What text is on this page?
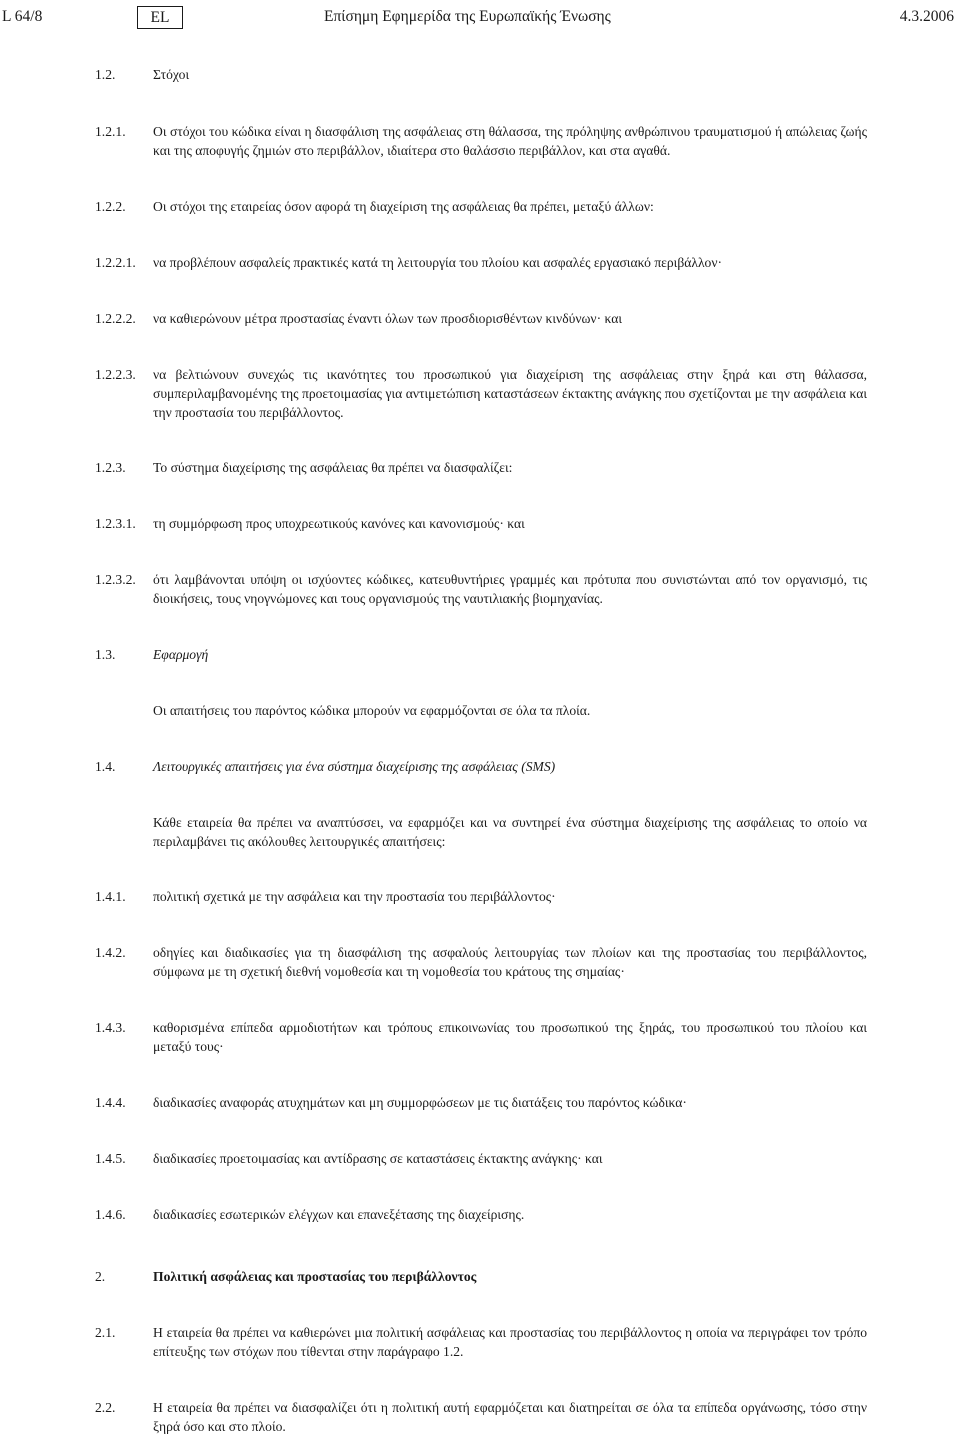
L 64/8	EL	Επίσημη Εφημερίδα της Ευρωπαϊκής Ένωσης	4.3.2006
1.2.	Στόχοι
1.2.1. Οι στόχοι του κώδικα είναι η διασφάλιση της ασφάλειας στη θάλασσα, της πρόληψης ανθρώπινου τραυματισμού ή απώλειας ζωής και της αποφυγής ζημιών στο περιβάλλον, ιδιαίτερα στο θαλάσσιο περιβάλλον, και στα αγαθά.
1.2.2. Οι στόχοι της εταιρείας όσον αφορά τη διαχείριση της ασφάλειας θα πρέπει, μεταξύ άλλων:
1.2.2.1. να προβλέπουν ασφαλείς πρακτικές κατά τη λειτουργία του πλοίου και ασφαλές εργασιακό περιβάλλον·
1.2.2.2. να καθιερώνουν μέτρα προστασίας έναντι όλων των προσδιορισθέντων κινδύνων· και
1.2.2.3. να βελτιώνουν συνεχώς τις ικανότητες του προσωπικού για διαχείριση της ασφάλειας στην ξηρά και στη θάλασσα, συμπεριλαμβανομένης της προετοιμασίας για αντιμετώπιση καταστάσεων έκτακτης ανάγκης που σχετίζονται με την ασφάλεια και την προστασία του περιβάλλοντος.
1.2.3. Το σύστημα διαχείρισης της ασφάλειας θα πρέπει να διασφαλίζει:
1.2.3.1. τη συμμόρφωση προς υποχρεωτικούς κανόνες και κανονισμούς· και
1.2.3.2. ότι λαμβάνονται υπόψη οι ισχύοντες κώδικες, κατευθυντήριες γραμμές και πρότυπα που συνιστώνται από τον οργανισμό, τις διοικήσεις, τους νηογνώμονες και τους οργανισμούς της ναυτιλιακής βιομηχανίας.
1.3.	Εφαρμογή
Οι απαιτήσεις του παρόντος κώδικα μπορούν να εφαρμόζονται σε όλα τα πλοία.
1.4.	Λειτουργικές απαιτήσεις για ένα σύστημα διαχείρισης της ασφάλειας (SMS)
Κάθε εταιρεία θα πρέπει να αναπτύσσει, να εφαρμόζει και να συντηρεί ένα σύστημα διαχείρισης της ασφάλειας το οποίο να περιλαμβάνει τις ακόλουθες λειτουργικές απαιτήσεις:
1.4.1. πολιτική σχετικά με την ασφάλεια και την προστασία του περιβάλλοντος·
1.4.2. οδηγίες και διαδικασίες για τη διασφάλιση της ασφαλούς λειτουργίας των πλοίων και της προστασίας του περιβάλλοντος, σύμφωνα με τη σχετική διεθνή νομοθεσία και τη νομοθεσία του κράτους της σημαίας·
1.4.3. καθορισμένα επίπεδα αρμοδιοτήτων και τρόπους επικοινωνίας του προσωπικού της ξηράς, του προσωπικού του πλοίου και μεταξύ τους·
1.4.4. διαδικασίες αναφοράς ατυχημάτων και μη συμμορφώσεων με τις διατάξεις του παρόντος κώδικα·
1.4.5. διαδικασίες προετοιμασίας και αντίδρασης σε καταστάσεις έκτακτης ανάγκης· και
1.4.6. διαδικασίες εσωτερικών ελέγχων και επανεξέτασης της διαχείρισης.
2.	Πολιτική ασφάλειας και προστασίας του περιβάλλοντος
2.1.	Η εταιρεία θα πρέπει να καθιερώνει μια πολιτική ασφάλειας και προστασίας του περιβάλλοντος η οποία να περιγράφει τον τρόπο επίτευξης των στόχων που τίθενται στην παράγραφο 1.2.
2.2.	Η εταιρεία θα πρέπει να διασφαλίζει ότι η πολιτική αυτή εφαρμόζεται και διατηρείται σε όλα τα επίπεδα οργάνωσης, τόσο στην ξηρά όσο και στο πλοίο.
